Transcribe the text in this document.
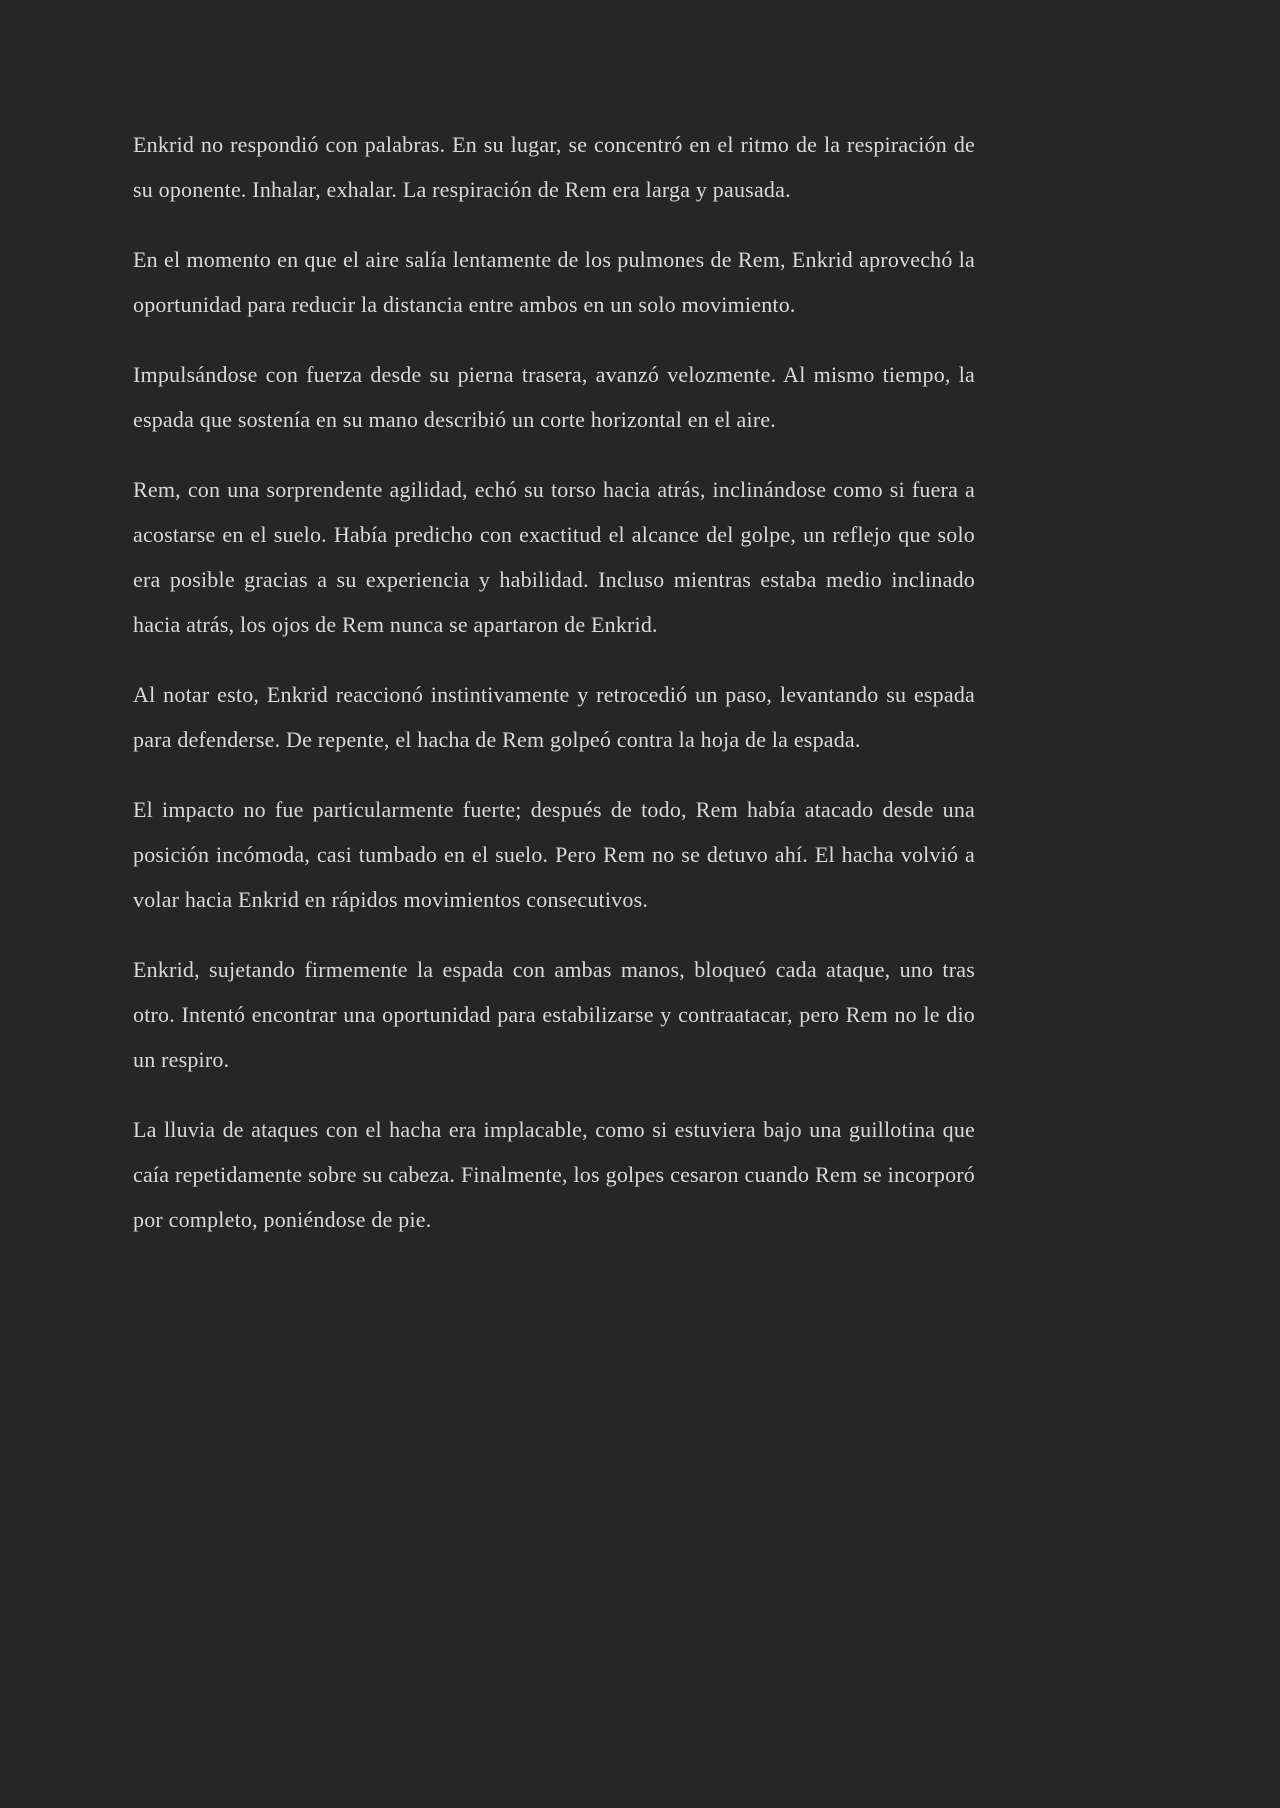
Enkrid no respondió con palabras. En su lugar, se concentró en el ritmo de la respiración de su oponente. Inhalar, exhalar. La respiración de Rem era larga y pausada.

En el momento en que el aire salía lentamente de los pulmones de Rem, Enkrid aprovechó la oportunidad para reducir la distancia entre ambos en un solo movimiento.

Impulsándose con fuerza desde su pierna trasera, avanzó velozmente. Al mismo tiempo, la espada que sostenía en su mano describió un corte horizontal en el aire.

Rem, con una sorprendente agilidad, echó su torso hacia atrás, inclinándose como si fuera a acostarse en el suelo. Había predicho con exactitud el alcance del golpe, un reflejo que solo era posible gracias a su experiencia y habilidad. Incluso mientras estaba medio inclinado hacia atrás, los ojos de Rem nunca se apartaron de Enkrid.

Al notar esto, Enkrid reaccionó instintivamente y retrocedió un paso, levantando su espada para defenderse. De repente, el hacha de Rem golpeó contra la hoja de la espada.

El impacto no fue particularmente fuerte; después de todo, Rem había atacado desde una posición incómoda, casi tumbado en el suelo. Pero Rem no se detuvo ahí. El hacha volvió a volar hacia Enkrid en rápidos movimientos consecutivos.

Enkrid, sujetando firmemente la espada con ambas manos, bloqueó cada ataque, uno tras otro. Intentó encontrar una oportunidad para estabilizarse y contraatacar, pero Rem no le dio un respiro.

La lluvia de ataques con el hacha era implacable, como si estuviera bajo una guillotina que caía repetidamente sobre su cabeza. Finalmente, los golpes cesaron cuando Rem se incorporó por completo, poniéndose de pie.
